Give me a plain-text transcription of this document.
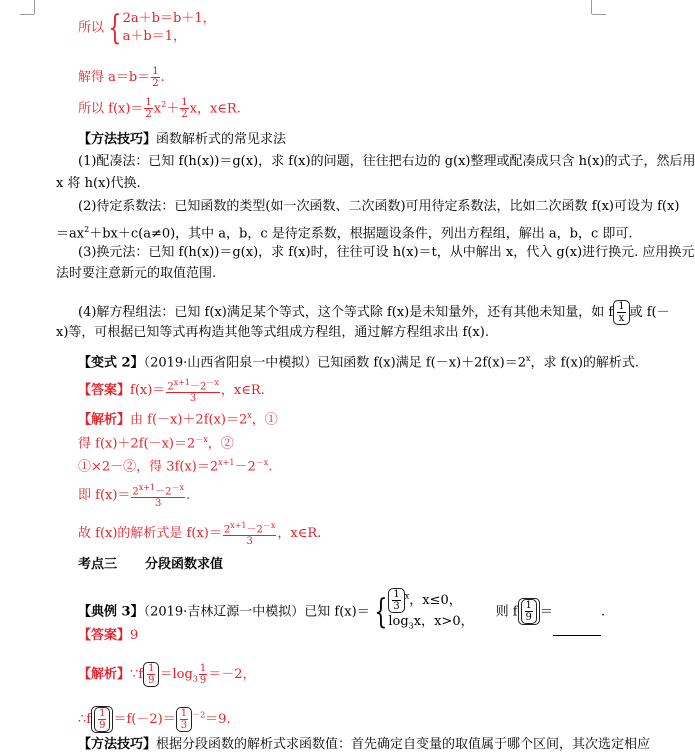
所以 {2a＋b＝b＋1，
a＋b＝1，
解得 $a=b= \frac{1}{2}$ .
所以 $f(x)= \frac{1}{2} x^2+ \frac{1}{2}$ x，x∈R.
【方法技巧】函数解析式的常见求法
(1)配凑法：已知 f(h(x))＝g(x)，求 f(x)的问题，往往把右边的 g(x)整理或配凑成只含 h(x)的式子，然后用
x 将 h(x)代换.
(2)待定系数法：已知函数的类型(如一次函数、二次函数)可用待定系数法，比如二次函数 f(x)可设为 f(x)
$=ax^2+bx+c(a\ne 0)$，其中 a，b，c 是待定系数，根据题设条件，列出方程组，解出 a，b，c 即可.
(3)换元法：已知 f(h(x))＝g(x)，求 f(x)时，往往可设 h(x)＝t，从中解出 x，代入 g(x)进行换元. 应用换元
法时要注意新元的取值范围.
(4)解方程组法：已知 f(x)满足某个等式，这个等式除 f(x)是未知量外，还有其他未知量，如 f $\frac{1}{x}$ 或 f(－
x)等，可根据已知等式再构造其他等式组成方程组，通过解方程组求出 f(x).
【变式 2】（2019·山西省阳泉一中模拟）已知函数 f(x)满足 $f(-x)+2f(x)=2^x$，求 f(x)的解析式.
【答案】$f(x)= \frac{2^{x+1}-2^{-x}}{3}$ ，x∈R.
【解析】由 $f(-x)+2f(x)=2^x$，①
得 $f(x)+2f(-x)=2^{-x}$，②
①×2－②，得 $3f(x)=2^{x+1}-2^{-x}$.
即 $f(x)= \frac{2^{x+1}-2^{-x}}{3}$ .
故 f(x)的解析式是 $f(x)= \frac{2^{x+1}-2^{-x}}{3}$ ，x∈R.
考点三 分段函数求值
【典例 3】（2019·吉林辽源一中模拟）已知 f(x)＝ { $\frac{1}{3} ^x$，x≤0，
$\log_3x$，x>0，则 f $\frac{1}{9}$ ＝	.
【答案】9
【解析】∵f $\frac{1}{9} =\log_3 \frac{1}{9} =-2$，
∴f $\frac{1}{9} =f(-2)= \frac{1}{3} ^{-2}=9$.
【方法技巧】根据分段函数的解析式求函数值：首先确定自变量的取值属于哪个区间，其次选定相应
